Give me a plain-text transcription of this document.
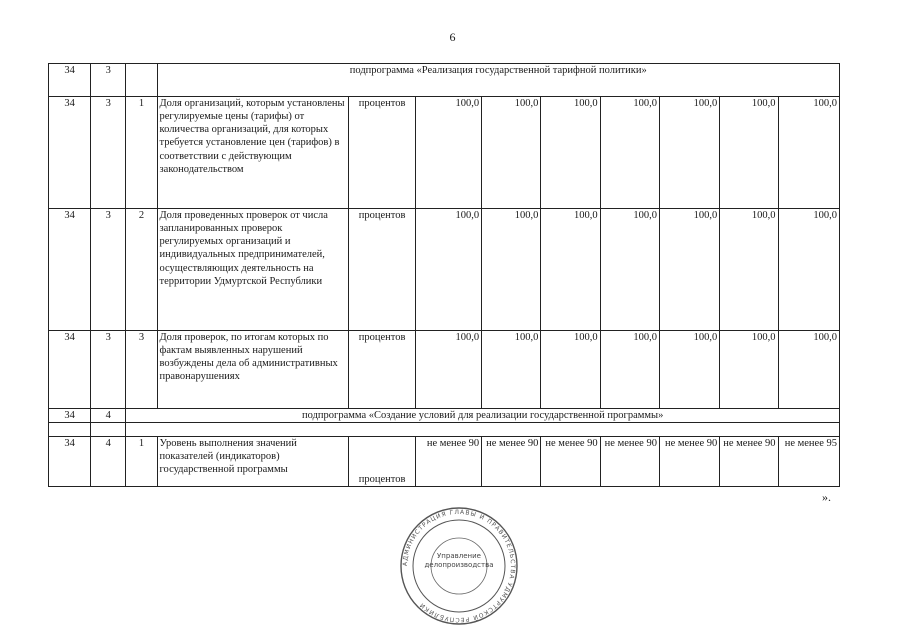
6
34	3		подпрограмма «Реализация государственной тарифной политики»								
34	3	1	Доля организаций, которым установлены регулируемые цены (тарифы) от количества организаций, для которых требуется установление цен (тарифов) в соответствии с действующим законодательством	процентов	100,0	100,0	100,0	100,0	100,0	100,0	100,0
34	3	2	Доля проведенных проверок от числа запланированных проверок регулируемых организаций и индивидуальных предпринимателей, осуществляющих деятельность на территории Удмуртской Республики	процентов	100,0	100,0	100,0	100,0	100,0	100,0	100,0
34	3	3	Доля проверок, по итогам которых по фактам выявленных нарушений возбуждены дела об административных правонарушениях	процентов	100,0	100,0	100,0	100,0	100,0	100,0	100,0
34	4	подпрограмма «Создание условий для реализации государственной программы»									

34	4	1	Уровень выполнения значений показателей (индикаторов) государственной программы	процентов	не менее 90	не менее 90	не менее 90	не менее 90	не менее 90	не менее 90	не менее 95
».
АДМИНИСТРАЦИЯ ГЛАВЫ И ПРАВИТЕЛЬСТВА УДМУРТСКОЙ РЕСПУБЛИКИ
Управление делопроизводства
